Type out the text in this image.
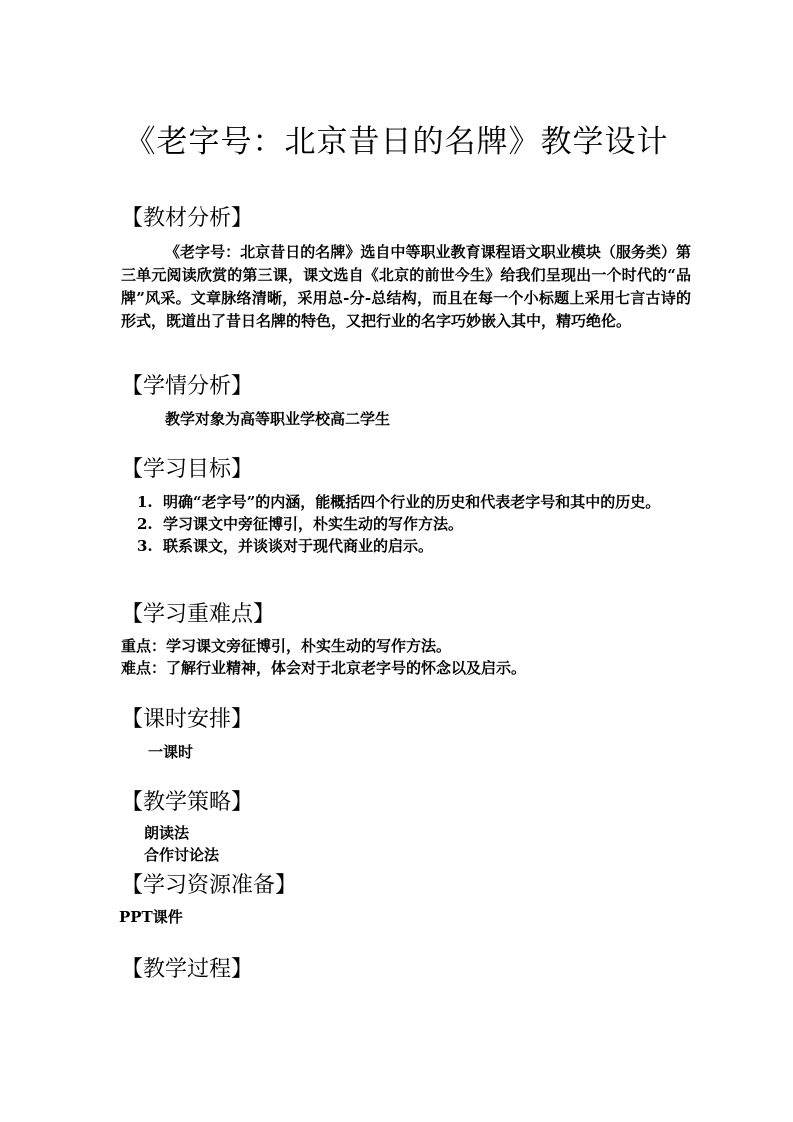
《老字号：北京昔日的名牌》教学设计
【教材分析】
《老字号：北京昔日的名牌》选自中等职业教育课程语文职业模块（服务类）第三单元阅读欣赏的第三课，课文选自《北京的前世今生》给我们呈现出一个时代的“品牌”风采。文章脉络清晰，采用总-分-总结构，而且在每一个小标题上采用七言古诗的形式，既道出了昔日名牌的特色，又把行业的名字巧妙嵌入其中，精巧绝伦。
【学情分析】
教学对象为高等职业学校高二学生
【学习目标】
1. 明确“老字号”的内涵，能概括四个行业的历史和代表老字号和其中的历史。
2. 学习课文中旁征博引，朴实生动的写作方法。
3. 联系课文，并谈谈对于现代商业的启示。
【学习重难点】
重点：学习课文旁征博引，朴实生动的写作方法。
难点：了解行业精神，体会对于北京老字号的怀念以及启示。
【课时安排】
一课时
【教学策略】
朗读法
合作讨论法
【学习资源准备】
PPT课件
【教学过程】
